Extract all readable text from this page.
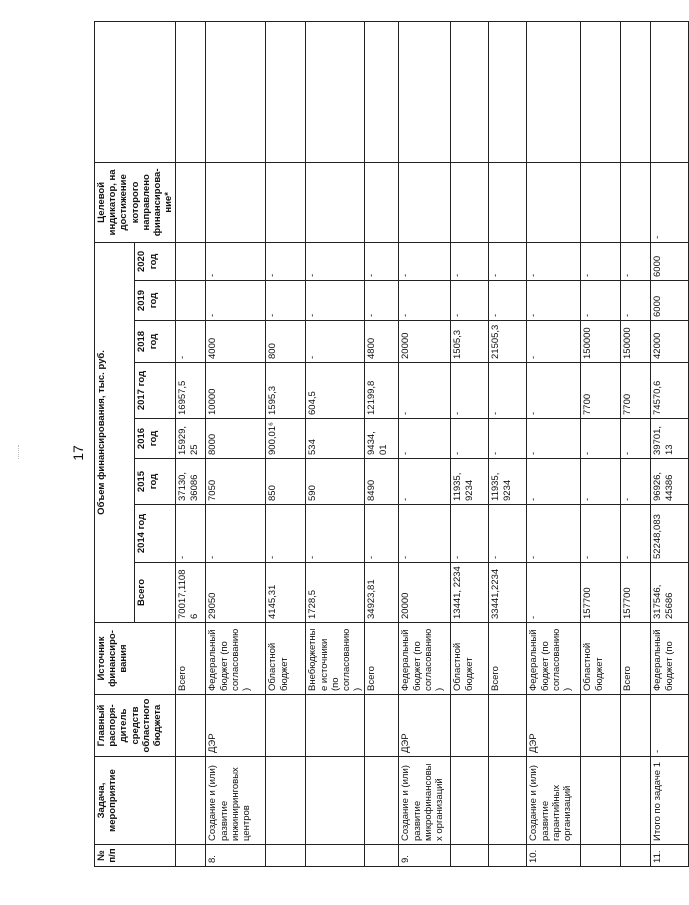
17
№ п/п	Задача, мероприятие	Главный распоря-дитель средств областного бюджета	Источник финансиро-вания	Объем финансирования, тыс. руб.								Целевой индикатор, на достижение которого направлено финансирова-ние*	
				Всего	2014 год	2015 год	2016 год	2017 год	2018 год	2019 год	2020 год		
			Всего	70017,11086	-	37130, 36086	15929, 25	16957,5	-				
8.	Создание и (или) развитие инжиниринговых центров	ДЭР	Федеральный бюджет (по согласованию)	29050	-	7050	8000	10000	4000	-	-		
			Областной бюджет	4145,31	-	850	900,01⁶	1595,3	800	-	-		
			Внебюджетные источники (по согласованию)	1728,5	-	590	534	604,5	-	-	-		
			Всего	34923,81	-	8490	9434, 01	12199,8	4800	-	-		
9.	Создание и (или) развитие микрофинансовых организаций	ДЭР	Федеральный бюджет (по согласованию)	20000	-	-	-	-	20000	-	-		
			Областной бюджет	13441, 2234	-	11935, 9234	-	-	1505,3	-	-		
			Всего	33441,2234	-	11935, 9234	-	-	21505,3	-	-		
10.	Создание и (или) развитие гарантийных организаций	ДЭР	Федеральный бюджет (по согласованию)	-	-	-	-	-	-	-	-		
			Областной бюджет	157700	-	-	-	7700	150000	-	-		
			Всего	157700	-	-	-	7700	150000	-	-		
11.	Итого по задаче 1	-	Федеральный бюджет (по	317546, 25686	52248,083	96926, 44386	39701, 13	74570,6	42000	6000	6000	-	
